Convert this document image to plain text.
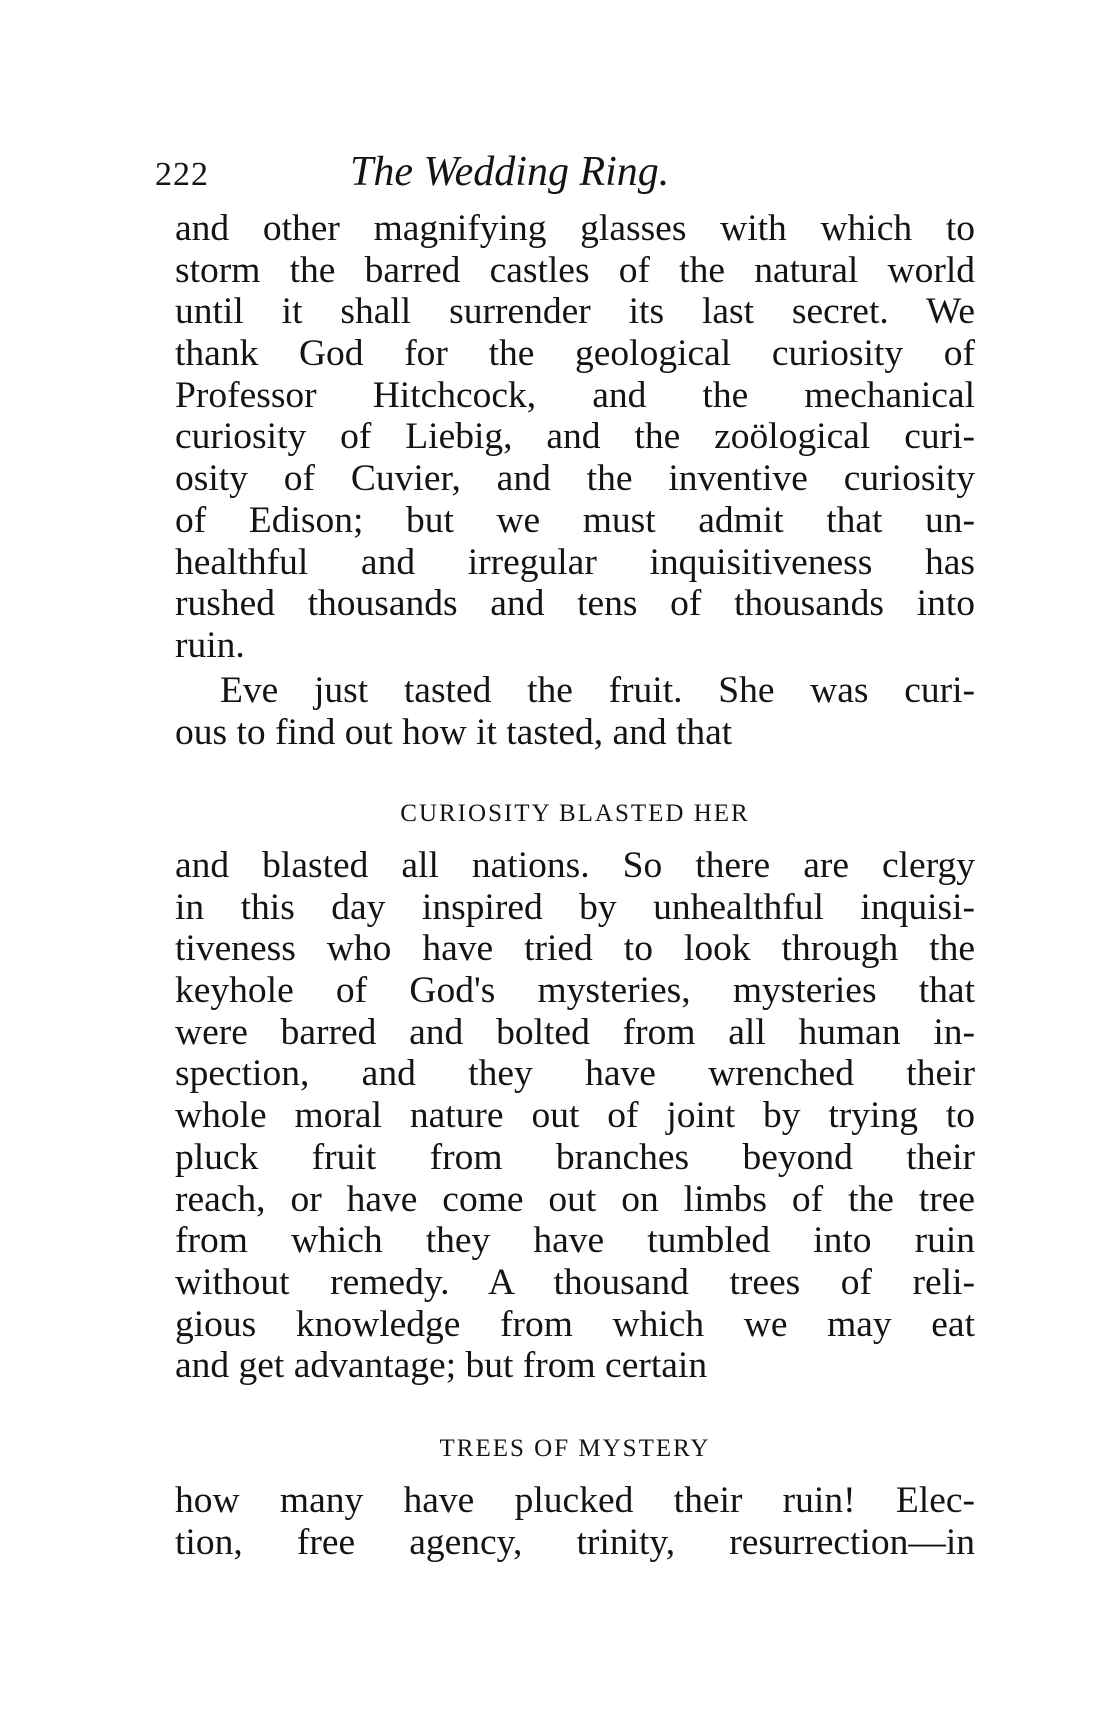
222	The Wedding Ring.
and other magnifying glasses with which to
storm the barred castles of the natural world
until it shall surrender its last secret. We
thank God for the geological curiosity of
Professor Hitchcock, and the mechanical
curiosity of Liebig, and the zoölogical curi-
osity of Cuvier, and the inventive curiosity
of Edison; but we must admit that un-
healthful and irregular inquisitiveness has
rushed thousands and tens of thousands into
ruin.
Eve just tasted the fruit. She was curi-
ous to find out how it tasted, and that
CURIOSITY BLASTED HER
and blasted all nations. So there are clergy
in this day inspired by unhealthful inquisi-
tiveness who have tried to look through the
keyhole of God's mysteries, mysteries that
were barred and bolted from all human in-
spection, and they have wrenched their
whole moral nature out of joint by trying to
pluck fruit from branches beyond their
reach, or have come out on limbs of the tree
from which they have tumbled into ruin
without remedy. A thousand trees of reli-
gious knowledge from which we may eat
and get advantage; but from certain
TREES OF MYSTERY
how many have plucked their ruin! Elec-
tion, free agency, trinity, resurrection—in
